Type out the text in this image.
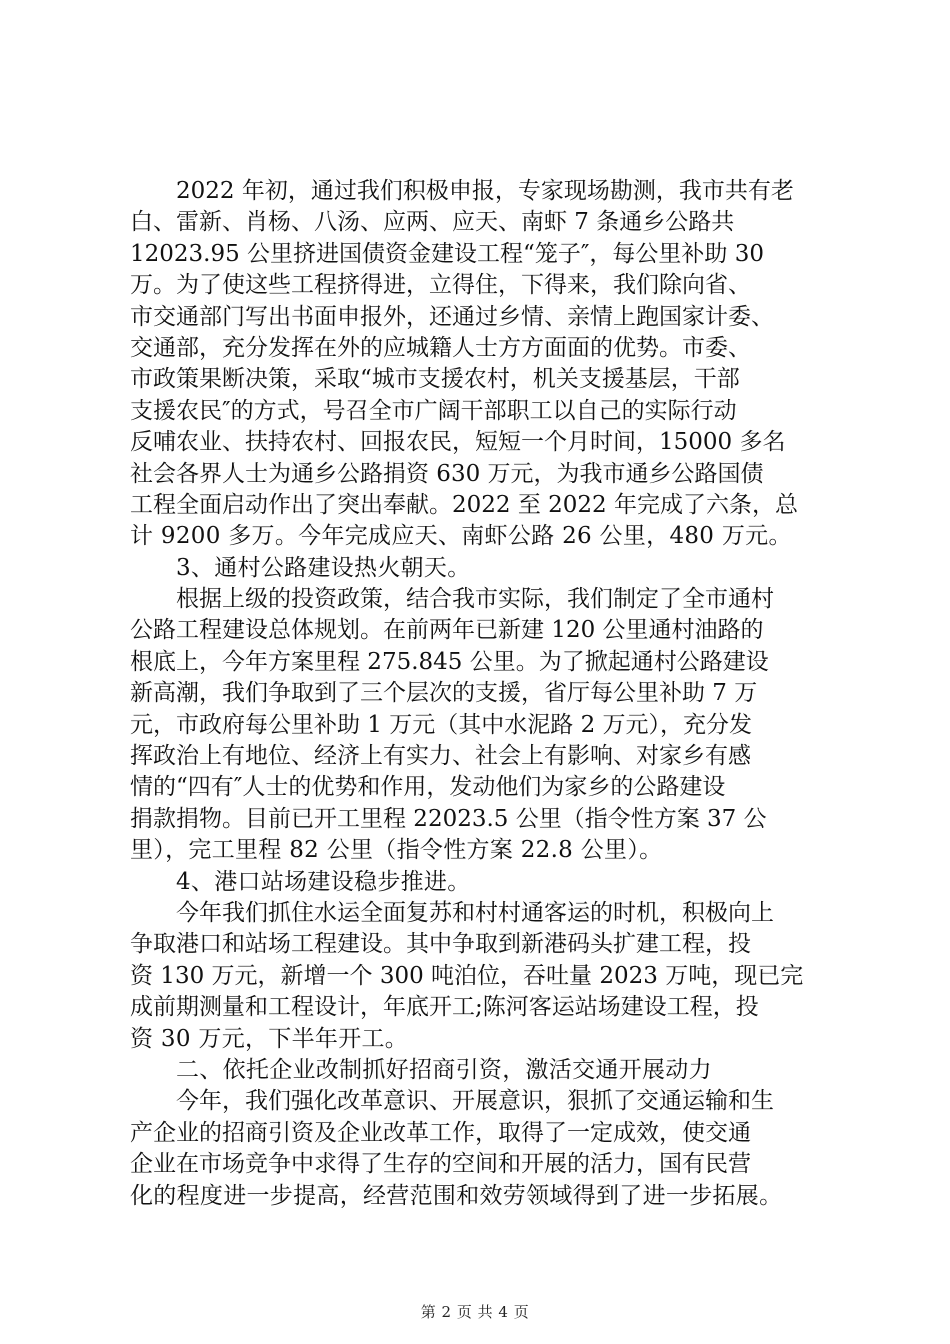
2022 年初，通过我们积极申报，专家现场勘测，我市共有老
白、雷新、肖杨、八汤、应两、应天、南虾 7 条通乡公路共
12023.95 公里挤进国债资金建设工程“笼子″，每公里补助 30
万。为了使这些工程挤得进，立得住，下得来，我们除向省、
市交通部门写出书面申报外，还通过乡情、亲情上跑国家计委、
交通部，充分发挥在外的应城籍人士方方面面的优势。市委、
市政策果断决策，采取“城市支援农村，机关支援基层，干部
支援农民″的方式，号召全市广阔干部职工以自己的实际行动
反哺农业、扶持农村、回报农民，短短一个月时间，15000 多名
社会各界人士为通乡公路捐资 630 万元，为我市通乡公路国债
工程全面启动作出了突出奉献。2022 至 2022 年完成了六条，总
计 9200 多万。今年完成应天、南虾公路 26 公里，480 万元。
3、通村公路建设热火朝天。
根据上级的投资政策，结合我市实际，我们制定了全市通村
公路工程建设总体规划。在前两年已新建 120 公里通村油路的
根底上，今年方案里程 275.845 公里。为了掀起通村公路建设
新高潮，我们争取到了三个层次的支援，省厅每公里补助 7 万
元，市政府每公里补助 1 万元（其中水泥路 2 万元），充分发
挥政治上有地位、经济上有实力、社会上有影响、对家乡有感
情的“四有″人士的优势和作用，发动他们为家乡的公路建设
捐款捐物。目前已开工里程 22023.5 公里（指令性方案 37 公
里），完工里程 82 公里（指令性方案 22.8 公里）。
4、港口站场建设稳步推进。
今年我们抓住水运全面复苏和村村通客运的时机，积极向上
争取港口和站场工程建设。其中争取到新港码头扩建工程，投
资 130 万元，新增一个 300 吨泊位，吞吐量 2023 万吨，现已完
成前期测量和工程设计，年底开工;陈河客运站场建设工程，投
资 30 万元，下半年开工。
二、依托企业改制抓好招商引资，激活交通开展动力
今年，我们强化改革意识、开展意识，狠抓了交通运输和生
产企业的招商引资及企业改革工作，取得了一定成效，使交通
企业在市场竞争中求得了生存的空间和开展的活力，国有民营
化的程度进一步提高，经营范围和效劳领域得到了进一步拓展。
第 2 页 共 4 页
